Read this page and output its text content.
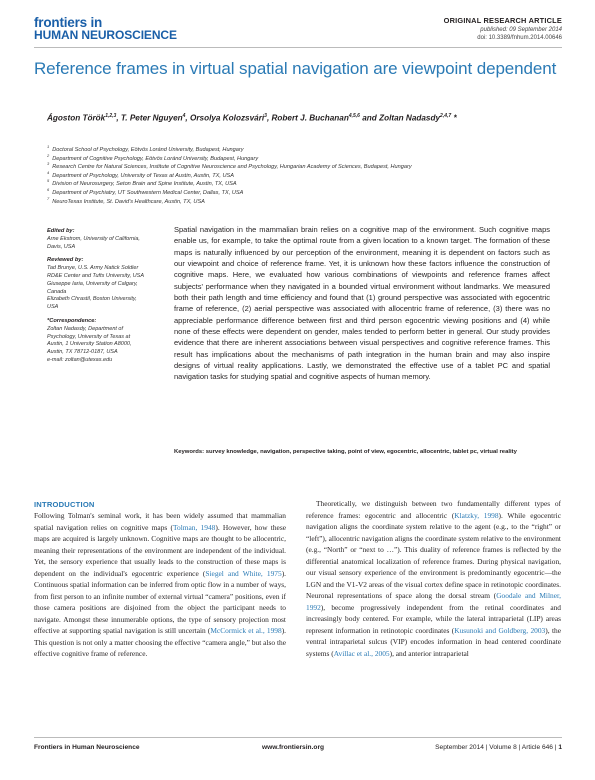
frontiers in
HUMAN NEUROSCIENCE
ORIGINAL RESEARCH ARTICLE
published: 09 September 2014
doi: 10.3389/fnhum.2014.00646
Reference frames in virtual spatial navigation are viewpoint dependent
Ágoston Török$^{1,2,3}$, T. Peter Nguyen$^4$, Orsolya Kolozsvári$^3$, Robert J. Buchanan$^{4,5,6}$ and Zoltan Nadasdy$^{2,4,7}$ *
$^1$Doctoral School of Psychology, Eötvös Loránd University, Budapest, Hungary
$^2$Department of Cognitive Psychology, Eötvös Loránd University, Budapest, Hungary
$^3$Research Centre for Natural Sciences, Institute of Cognitive Neuroscience and Psychology, Hungarian Academy of Sciences, Budapest, Hungary
$^4$Department of Psychology, University of Texas at Austin, Austin, TX, USA
$^5$Division of Neurosurgery, Seton Brain and Spine Institute, Austin, TX, USA
$^6$Department of Psychiatry, UT Southwestern Medical Center, Dallas, TX, USA
$^7$NeuroTexas Institute, St. David's Healthcare, Austin, TX, USA
Edited by:
Arne Ekstrom, University of California, Davis, USA
Reviewed by:
Tad Brunye, U.S. Army Natick Soldier RD&E Center and Tufts University, USA
Giuseppe Iaria, University of Calgary, Canada
Elizabeth Chrastil, Boston University, USA
*Correspondence:
Zoltan Nadasdy, Department of Psychology, University of Texas at Austin, 1 University Station A8000, Austin, TX 78712-0187, USA
e-mail: zoltan@utexas.edu
Spatial navigation in the mammalian brain relies on a cognitive map of the environment. Such cognitive maps enable us, for example, to take the optimal route from a given location to a known target. The formation of these maps is naturally influenced by our perception of the environment, meaning it is dependent on factors such as our viewpoint and choice of reference frame. Yet, it is unknown how these factors influence the construction of cognitive maps. Here, we evaluated how various combinations of viewpoints and reference frames affect subjects' performance when they navigated in a bounded virtual environment without landmarks. We measured both their path length and time efficiency and found that (1) ground perspective was associated with egocentric frame of reference, (2) aerial perspective was associated with allocentric frame of reference, (3) there was no appreciable performance difference between first and third person egocentric viewing positions and (4) while none of these effects were dependent on gender, males tended to perform better in general. Our study provides evidence that there are inherent associations between visual perspectives and cognitive reference frames. This result has implications about the mechanisms of path integration in the human brain and may also inspire designs of virtual reality applications. Lastly, we demonstrated the effective use of a tablet PC and spatial navigation tasks for studying spatial and cognitive aspects of human memory.
Keywords: survey knowledge, navigation, perspective taking, point of view, egocentric, allocentric, tablet pc, virtual reality
INTRODUCTION
Following Tolman's seminal work, it has been widely assumed that mammalian spatial navigation relies on cognitive maps (Tolman, 1948). However, how these maps are acquired is largely unknown. Cognitive maps are thought to be allocentric, meaning their representations of the environment are independent of the individual. Yet, the sensory experience that usually leads to the construction of these maps is dependent on the individual's egocentric experience (Siegel and White, 1975). Continuous spatial information can be inferred from optic flow in a number of ways, from first person to an infinite number of external virtual “camera” positions, even if those camera positions are disjoined from the object the participant needs to navigate. Amongst these innumerable options, the type of sensory projection most effective at supporting spatial navigation is still uncertain (McCormick et al., 1998). This question is not only a matter choosing the effective “camera angle,” but also the effective cognitive frame of reference.
Theoretically, we distinguish between two fundamentally different types of reference frames: egocentric and allocentric (Klatzky, 1998). While egocentric navigation aligns the coordinate system relative to the agent (e.g., to the “right” or “left”), allocentric navigation aligns the coordinate system relative to the environment (e.g., “North” or “next to …”). This duality of reference frames is reflected by the differential anatomical localization of reference frames. During physical navigation, our visual sensory experience of the environment is predominantly egocentric—the LGN and the V1-V2 areas of the visual cortex define space in retinotopic coordinates. Neuronal representations of space along the dorsal stream (Goodale and Milner, 1992), become progressively independent from the retinal coordinates and increasingly body centered. For example, while the lateral intraparietal (LIP) areas represent information in retinotopic coordinates (Kusunoki and Goldberg, 2003), the ventral intraparietal sulcus (VIP) encodes information in head centered coordinate systems (Avillac et al., 2005), and anterior intraparietal
Frontiers in Human Neuroscience	www.frontiersin.org	September 2014 | Volume 8 | Article 646 | 1
